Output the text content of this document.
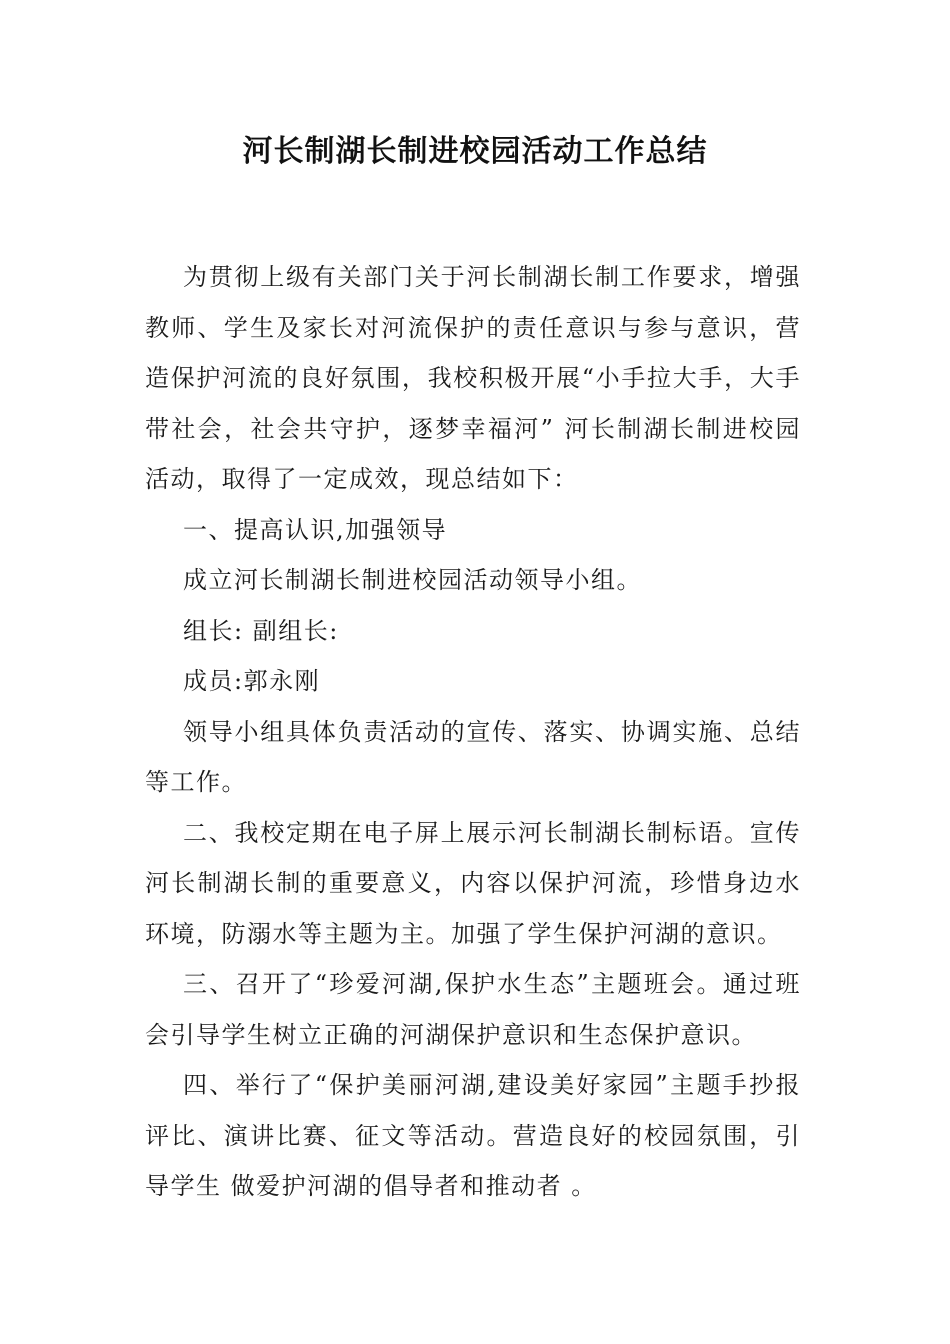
河长制湖长制进校园活动工作总结

为贯彻上级有关部门关于河长制湖长制工作要求，增强教师、学生及家长对河流保护的责任意识与参与意识，营造保护河流的良好氛围，我校积极开展“小手拉大手，大手带社会，社会共守护，逐梦幸福河” 河长制湖长制进校园活动，取得了一定成效，现总结如下：

一、提高认识,加强领导

成立河长制湖长制进校园活动领导小组。

组长: 副组长:

成员:郭永刚

领导小组具体负责活动的宣传、落实、协调实施、总结等工作。

二、我校定期在电子屏上展示河长制湖长制标语。宣传河长制湖长制的重要意义，内容以保护河流，珍惜身边水环境，防溺水等主题为主。加强了学生保护河湖的意识。

三、召开了“珍爱河湖,保护水生态”主题班会。通过班会引导学生树立正确的河湖保护意识和生态保护意识。

四、举行了“保护美丽河湖,建设美好家园”主题手抄报评比、演讲比赛、征文等活动。营造良好的校园氛围，引导学生 做爱护河湖的倡导者和推动者 。
